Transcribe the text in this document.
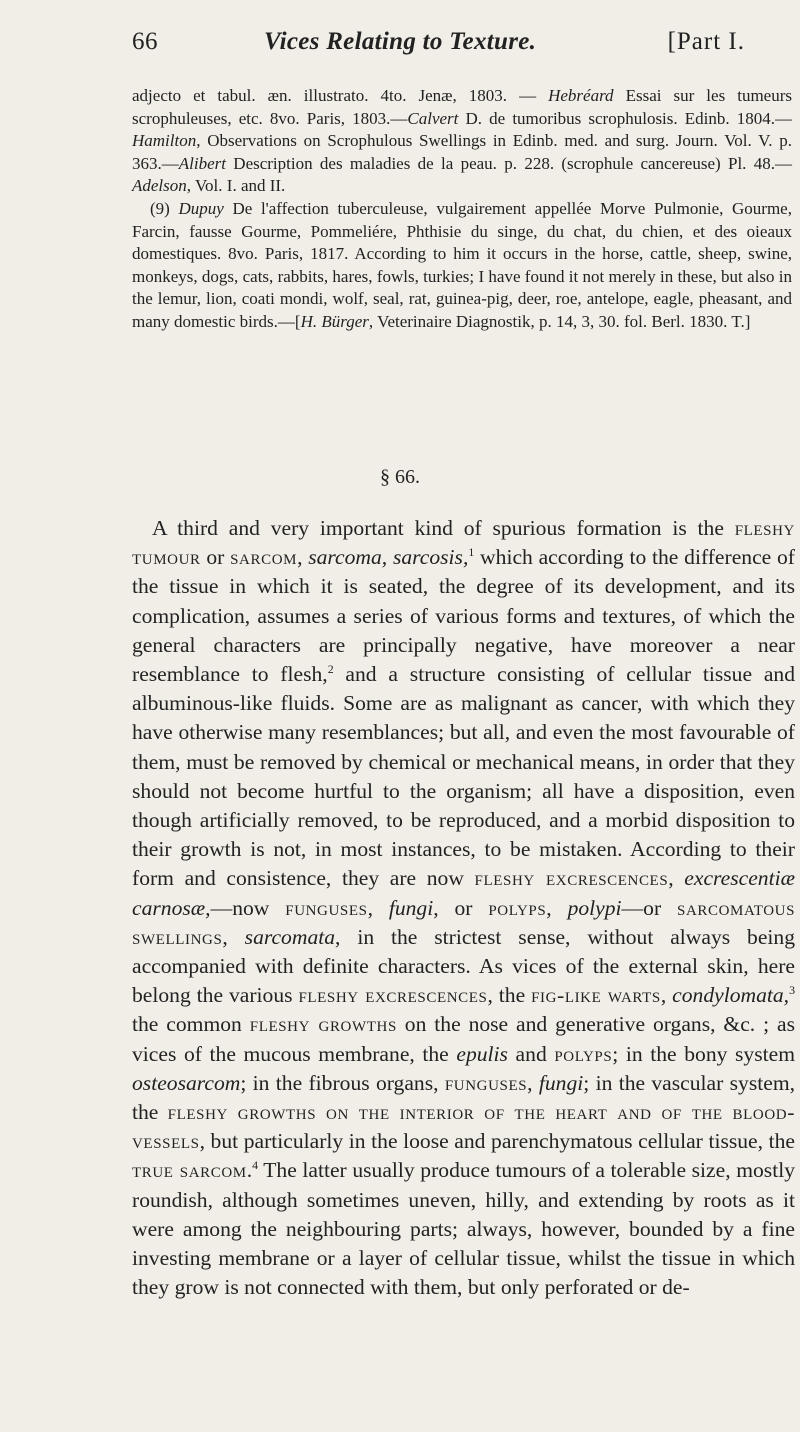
66	Vices Relating to Texture.	[Part I.

adjecto et tabul. æn. illustrato. 4to. Jenæ, 1803. — Hebréard Essai sur les tumeurs scrophuleuses, etc. 8vo. Paris, 1803.—Calvert D. de tumoribus scrophulosis. Edinb. 1804.—Hamilton, Observations on Scrophulous Swellings in Edinb. med. and surg. Journ. Vol. V. p. 363.—Alibert Description des maladies de la peau. p. 228. (scrophule cancereuse) Pl. 48.—Adelson, Vol. I. and II.

(9) Dupuy De l'affection tuberculeuse, vulgairement appellée Morve Pulmonie, Gourme, Farcin, fausse Gourme, Pommeliére, Phthisie du singe, du chat, du chien, et des oieaux domestiques. 8vo. Paris, 1817. According to him it occurs in the horse, cattle, sheep, swine, monkeys, dogs, cats, rabbits, hares, fowls, turkies; I have found it not merely in these, but also in the lemur, lion, coati mondi, wolf, seal, rat, guinea-pig, deer, roe, antelope, eagle, pheasant, and many domestic birds.—[H. Bürger, Veterinaire Diagnostik, p. 14, 3, 30. fol. Berl. 1830. T.]

§ 66.

A third and very important kind of spurious formation is the fleshy tumour or sarcom, sarcoma, sarcosis,$^1$ which according to the difference of the tissue in which it is seated, the degree of its development, and its complication, assumes a series of various forms and textures, of which the general characters are principally negative, have moreover a near resemblance to flesh,$^2$ and a structure consisting of cellular tissue and albuminous-like fluids. Some are as malignant as cancer, with which they have otherwise many resemblances; but all, and even the most favourable of them, must be removed by chemical or mechanical means, in order that they should not become hurtful to the organism; all have a disposition, even though artificially removed, to be reproduced, and a morbid disposition to their growth is not, in most instances, to be mistaken. According to their form and consistence, they are now fleshy excrescences, excrescentiæ carnosæ,—now funguses, fungi, or polyps, polypi—or sarcomatous swellings, sarcomata, in the strictest sense, without always being accompanied with definite characters. As vices of the external skin, here belong the various fleshy excrescences, the fig-like warts, condylomata,$^3$ the common fleshy growths on the nose and generative organs, &c. ; as vices of the mucous membrane, the epulis and polyps; in the bony system osteosarcom; in the fibrous organs, funguses, fungi; in the vascular system, the fleshy growths on the interior of the heart and of the blood-vessels, but particularly in the loose and parenchymatous cellular tissue, the true sarcom.$^4$ The latter usually produce tumours of a tolerable size, mostly roundish, although sometimes uneven, hilly, and extending by roots as it were among the neighbouring parts; always, however, bounded by a fine investing membrane or a layer of cellular tissue, whilst the tissue in which they grow is not connected with them, but only perforated or de-
